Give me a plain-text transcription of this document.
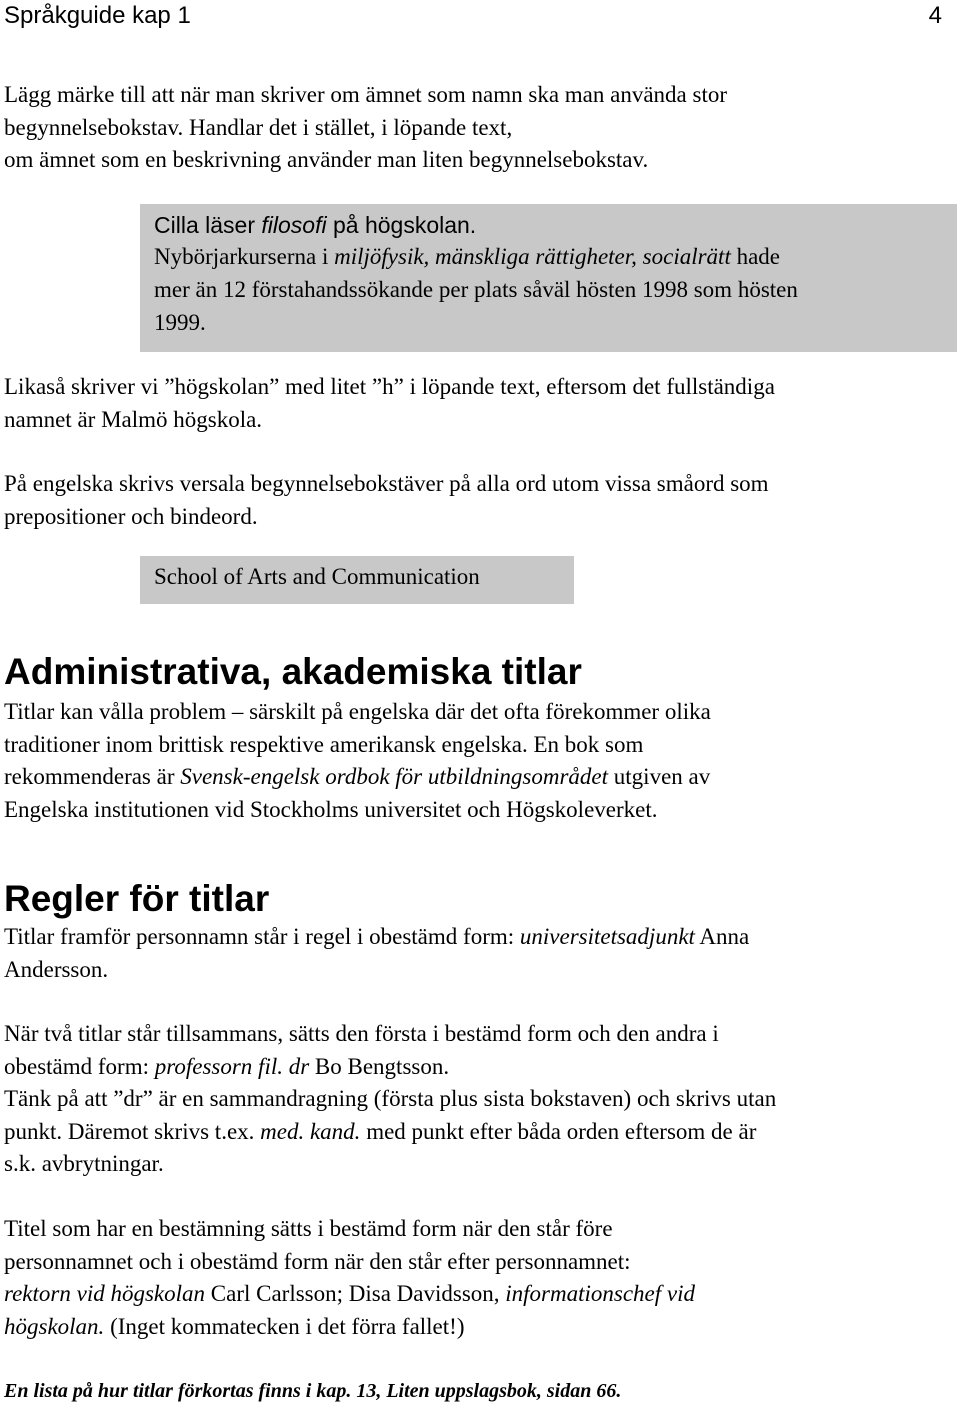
Språkguide kap 1	4
Lägg märke till att när man skriver om ämnet som namn ska man använda stor
begynnelsebokstav. Handlar det i stället, i löpande text,
om ämnet som en beskrivning använder man liten begynnelsebokstav.
Cilla läser filosofi på högskolan.
Nybörjarkurserna i miljöfysik, mänskliga rättigheter, socialrätt hade
mer än 12 förstahandssökande per plats såväl hösten 1998 som hösten
1999.
Likaså skriver vi ”högskolan” med litet ”h” i löpande text, eftersom det fullständiga
namnet är Malmö högskola.
På engelska skrivs versala begynnelsebokstäver på alla ord utom vissa småord som
prepositioner och bindeord.
School of Arts and Communication
Administrativa, akademiska titlar
Titlar kan vålla problem – särskilt på engelska där det ofta förekommer olika
traditioner inom brittisk respektive amerikansk engelska. En bok som
rekommenderas är Svensk-engelsk ordbok för utbildningsområdet utgiven av
Engelska institutionen vid Stockholms universitet och Högskoleverket.
Regler för titlar
Titlar framför personnamn står i regel i obestämd form: universitetsadjunkt Anna
Andersson.
När två titlar står tillsammans, sätts den första i bestämd form och den andra i
obestämd form: professorn fil. dr Bo Bengtsson.
Tänk på att ”dr” är en sammandragning (första plus sista bokstaven) och skrivs utan
punkt. Däremot skrivs t.ex. med. kand. med punkt efter båda orden eftersom de är
s.k. avbrytningar.
Titel som har en bestämning sätts i bestämd form när den står före
personnamnet och i obestämd form när den står efter personnamnet:
rektorn vid högskolan Carl Carlsson; Disa Davidsson, informationschef vid
högskolan. (Inget kommatecken i det förra fallet!)
En lista på hur titlar förkortas finns i kap. 13, Liten uppslagsbok, sidan 66.
